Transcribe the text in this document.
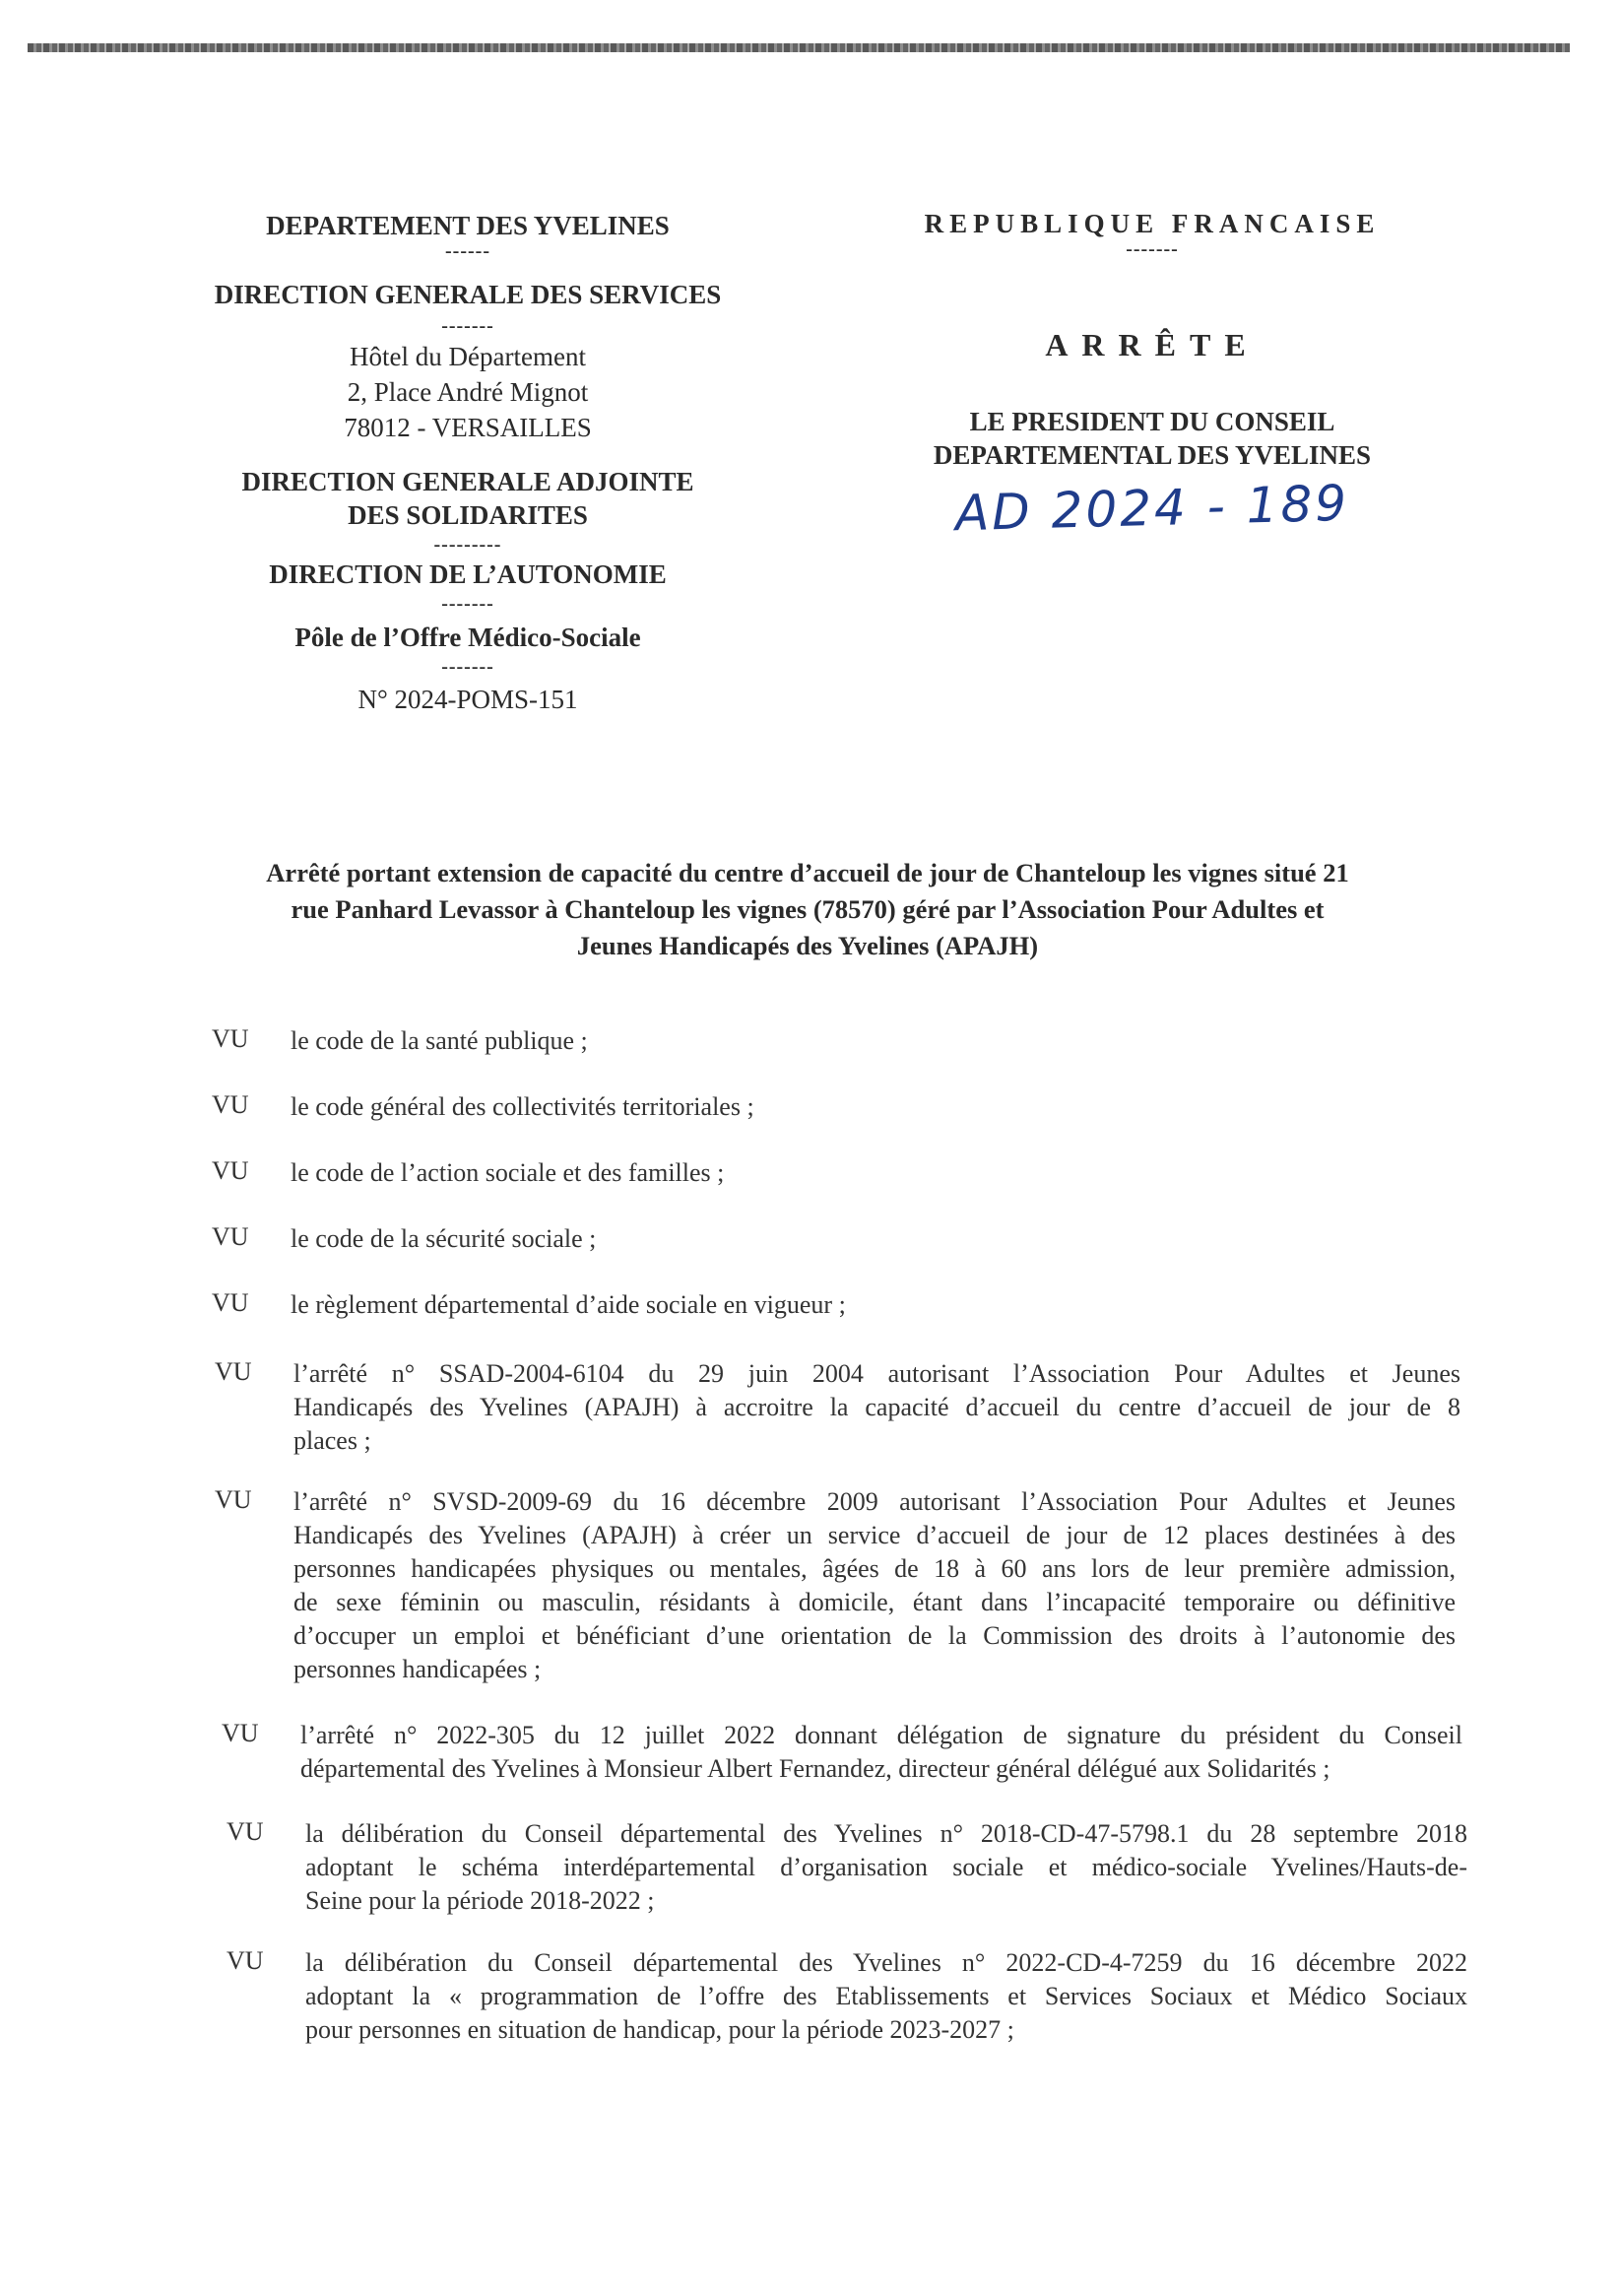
DEPARTEMENT DES YVELINES
------
DIRECTION GENERALE DES SERVICES
-------
Hôtel du Département
2, Place André Mignot
78012 - VERSAILLES
DIRECTION GENERALE ADJOINTE
DES SOLIDARITES
---------
DIRECTION DE L’AUTONOMIE
-------
Pôle de l’Offre Médico-Sociale
-------
N° 2024-POMS-151
REPUBLIQUE FRANCAISE
-------
ARRÊTE
LE PRESIDENT DU CONSEIL
DEPARTEMENTAL DES YVELINES
AD 2024 - 189
Arrêté portant extension de capacité du centre d’accueil de jour de Chanteloup les vignes situé 21
rue Panhard Levassor à Chanteloup les vignes (78570) géré par l’Association Pour Adultes et
Jeunes Handicapés des Yvelines (APAJH)
VU	le code de la santé publique ;
VU	le code général des collectivités territoriales ;
VU	le code de l’action sociale et des familles ;
VU	le code de la sécurité sociale ;
VU	le règlement départemental d’aide sociale en vigueur ;
VU	l’arrêté n° SSAD-2004-6104 du 29 juin 2004 autorisant l’Association Pour Adultes et Jeunes
Handicapés des Yvelines (APAJH) à accroitre la capacité d’accueil du centre d’accueil de jour de 8
places ;
VU	l’arrêté n° SVSD-2009-69 du 16 décembre 2009 autorisant l’Association Pour Adultes et Jeunes
Handicapés des Yvelines (APAJH) à créer un service d’accueil de jour de 12 places destinées à des
personnes handicapées physiques ou mentales, âgées de 18 à 60 ans lors de leur première admission,
de sexe féminin ou masculin, résidants à domicile, étant dans l’incapacité temporaire ou définitive
d’occuper un emploi et bénéficiant d’une orientation de la Commission des droits à l’autonomie des
personnes handicapées ;
VU	l’arrêté n° 2022-305 du 12 juillet 2022 donnant délégation de signature du président du Conseil
départemental des Yvelines à Monsieur Albert Fernandez, directeur général délégué aux Solidarités ;
VU	la délibération du Conseil départemental des Yvelines n° 2018-CD-47-5798.1 du 28 septembre 2018
adoptant le schéma interdépartemental d’organisation sociale et médico-sociale Yvelines/Hauts-de-
Seine pour la période 2018-2022 ;
VU	la délibération du Conseil départemental des Yvelines n° 2022-CD-4-7259 du 16 décembre 2022
adoptant la « programmation de l’offre des Etablissements et Services Sociaux et Médico Sociaux
pour personnes en situation de handicap, pour la période 2023-2027 ;
